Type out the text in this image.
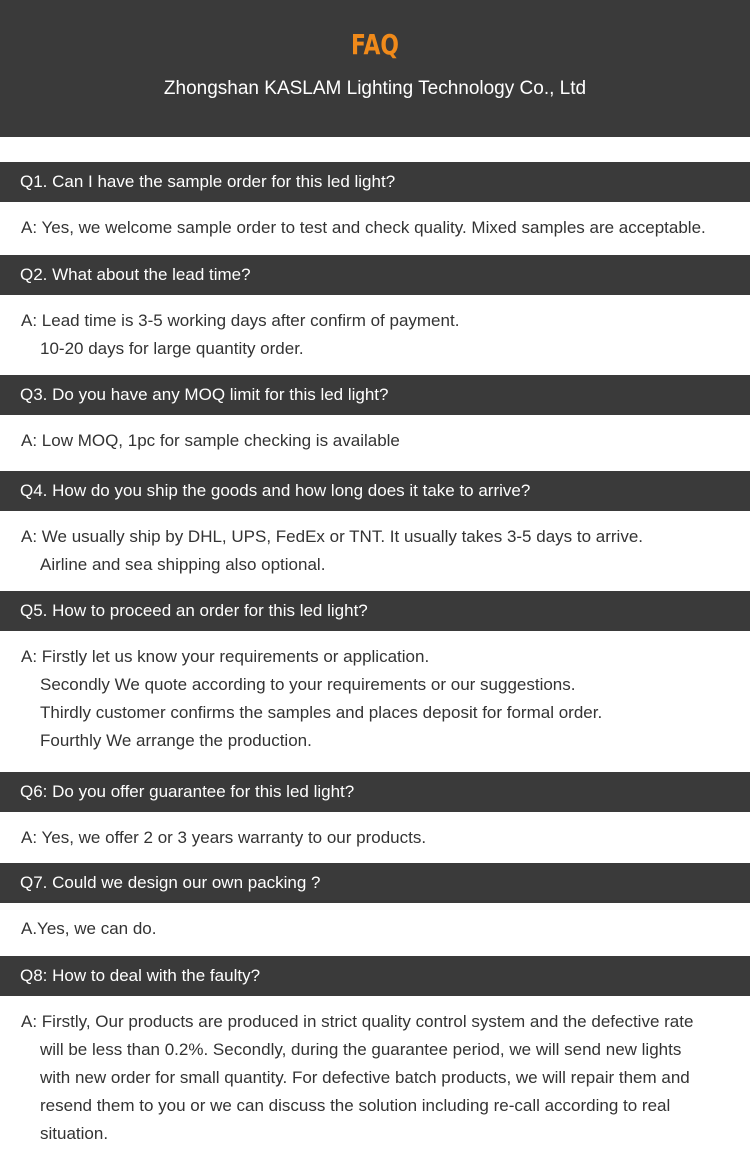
FAQ
Zhongshan KASLAM Lighting Technology Co., Ltd
Q1. Can I have the sample order for this led light?
A: Yes, we welcome sample order to test and check quality. Mixed samples are acceptable.
Q2. What about the lead time?
A: Lead time is 3-5 working days after confirm of payment.
10-20 days for large quantity order.
Q3. Do you have any MOQ limit for this led light?
A: Low MOQ, 1pc for sample checking is available
Q4. How do you ship the goods and how long does it take to arrive?
A: We usually ship by DHL, UPS, FedEx or TNT. It usually takes 3-5 days to arrive.
Airline and sea shipping also optional.
Q5. How to proceed an order for this led light?
A: Firstly let us know your requirements or application.
Secondly We quote according to your requirements or our suggestions.
Thirdly customer confirms the samples and places deposit for formal order.
Fourthly We arrange the production.
Q6: Do you offer guarantee for this led light?
A: Yes, we offer 2 or 3 years warranty to our products.
Q7. Could we design our own packing ?
A.Yes, we can do.
Q8: How to deal with the faulty?
A: Firstly, Our products are produced in strict quality control system and the defective rate
will be less than 0.2%. Secondly, during the guarantee period, we will send new lights
with new order for small quantity. For defective batch products, we will repair them and
resend them to you or we can discuss the solution including re-call according to real
situation.
